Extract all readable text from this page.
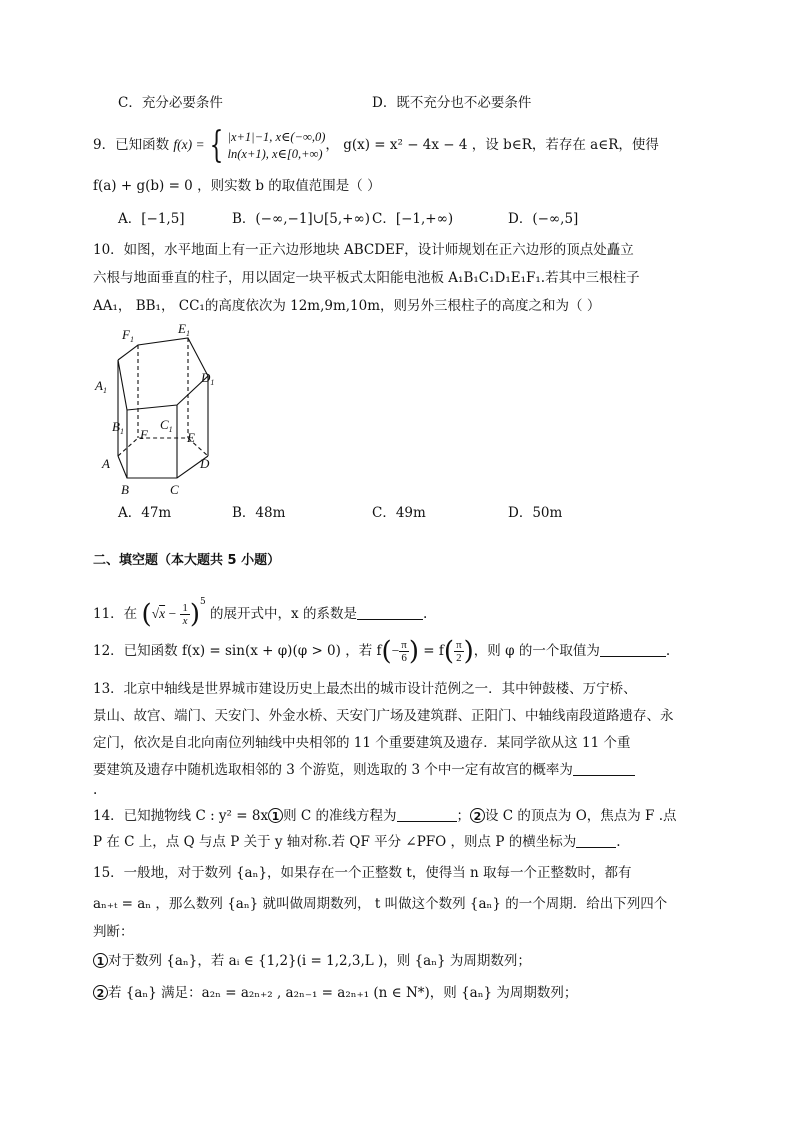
C．充分必要条件	D．既不充分也不必要条件
9．已知函数 f(x) = { |x+1|−1, x∈(−∞,0)
ln(x+1), x∈[0,+∞)
， g(x) = x² − 4x − 4 ，设 b∈R，若存在 a∈R，使得
f(a) + g(b) = 0 ，则实数 b 的取值范围是（ ）
A．[−1,5]	B．(−∞,−1]∪[5,+∞) C．[−1,+∞)	D．(−∞,5]
10．如图，水平地面上有一正六边形地块 ABCDEF，设计师规划在正六边形的顶点处矗立
六根与地面垂直的柱子，用以固定一块平板式太阳能电池板 A₁B₁C₁D₁E₁F₁.若其中三根柱子
AA₁， BB₁， CC₁的高度依次为 12m,9m,10m，则另外三根柱子的高度之和为（ ）
$F_1$
$E_1$
$A_1$
$D_1$
$B_1$	$C_1$
F	E
A	D
B	C
A．47m	B．48m	C．49m	D．50m
二、填空题（本大题共 5 小题）
11．在 $(√x - \frac{1}{x} )^5$ 的展开式中，x 的系数是	.
12．已知函数 f(x) = sin(x + φ)(φ > 0) ，若 $f(- \frac{\pi}{6}$ ) = $f( \frac{\pi}{2}$ )，则 φ 的一个取值为	.
13．北京中轴线是世界城市建设历史上最杰出的城市设计范例之一．其中钟鼓楼、万宁桥、
景山、故宫、端门、天安门、外金水桥、天安门广场及建筑群、正阳门、中轴线南段道路遗存、永
定门，依次是自北向南位列轴线中央相邻的 11 个重要建筑及遗存．某同学欲从这 11 个重
要建筑及遗存中随机选取相邻的 3 个游览，则选取的 3 个中一定有故宫的概率为
.
14．已知抛物线 C : y² = 8x 1 则 C 的准线方程为	； 2 设 C 的顶点为 O，焦点为 F .点
P 在 C 上，点 Q 与点 P 关于 y 轴对称.若 QF 平分 ∠PFO ，则点 P 的横坐标为	.
15．一般地，对于数列 {aₙ}，如果存在一个正整数 t，使得当 n 取每一个正整数时，都有
aₙ₊ₜ = aₙ ，那么数列 {aₙ} 就叫做周期数列， t 叫做这个数列 {aₙ} 的一个周期．给出下列四个
判断：
1 对于数列 {aₙ}，若 aᵢ ∈ {1,2}(i = 1,2,3,L )，则 {aₙ} 为周期数列；
2 若 {aₙ} 满足：a₂ₙ = a₂ₙ₊₂ , a₂ₙ₋₁ = a₂ₙ₊₁ (n ∈ N*)，则 {aₙ} 为周期数列；
